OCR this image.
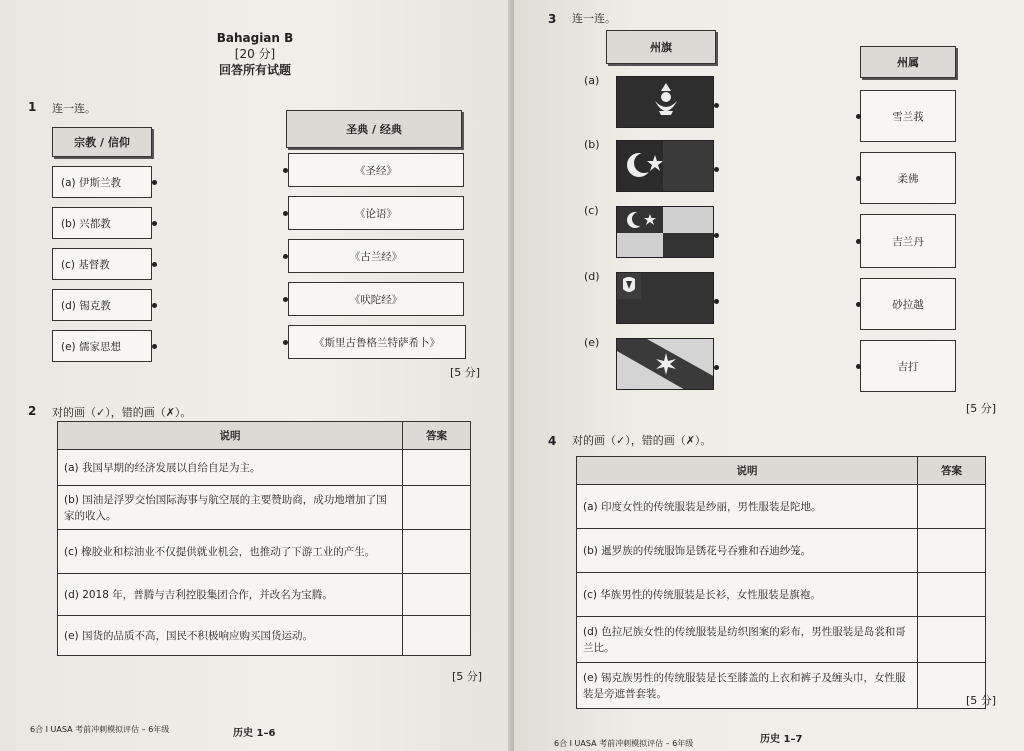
Bahagian B
[20 分]
回答所有试题
1 连一连。
宗教 / 信仰
圣典 / 经典
(a) 伊斯兰教
(b) 兴都教
(c) 基督教
(d) 锡克教
(e) 儒家思想
《圣经》
《论语》
《古兰经》
《吠陀经》
《斯里古鲁格兰特萨希卜》
[5 分]
2 对的画（✓），错的画（✗）。
说明	答案
(a) 我国早期的经济发展以自给自足为主。	
(b) 国油是浮罗交怡国际海事与航空展的主要赞助商，成功地增加了国家的收入。	
(c) 橡胶业和棕油业不仅提供就业机会，也推动了下游工业的产生。	
(d) 2018 年，普腾与吉利控股集团合作，并改名为宝腾。	
(e) 国货的品质不高，国民不积极响应购买国货运动。	
[5 分]
6合 I UASA 考前冲刺模拟评估 – 6年级	历史 1–6
3 连一连。
州旗
州属
(a)
(b)
(c)
(d)
(e)
雪兰莪
柔佛
吉兰丹
砂拉越
吉打
[5 分]
4 对的画（✓），错的画（✗）。
说明	答案
(a) 印度女性的传统服装是纱丽，男性服装是陀地。	
(b) 暹罗族的传统服饰是锈花号吞雅和吞迪纱笼。	
(c) 华族男性的传统服装是长衫，女性服装是旗袍。	
(d) 色拉尼族女性的传统服装是纺织图案的彩布，男性服装是岛裳和哥兰比。	
(e) 锡克族男性的传统服装是长至膝盖的上衣和裤子及缠头巾，女性服装是旁遮普套装。	
[5 分]
6合 I UASA 考前冲刺模拟评估 – 6年级	历史 1–7
